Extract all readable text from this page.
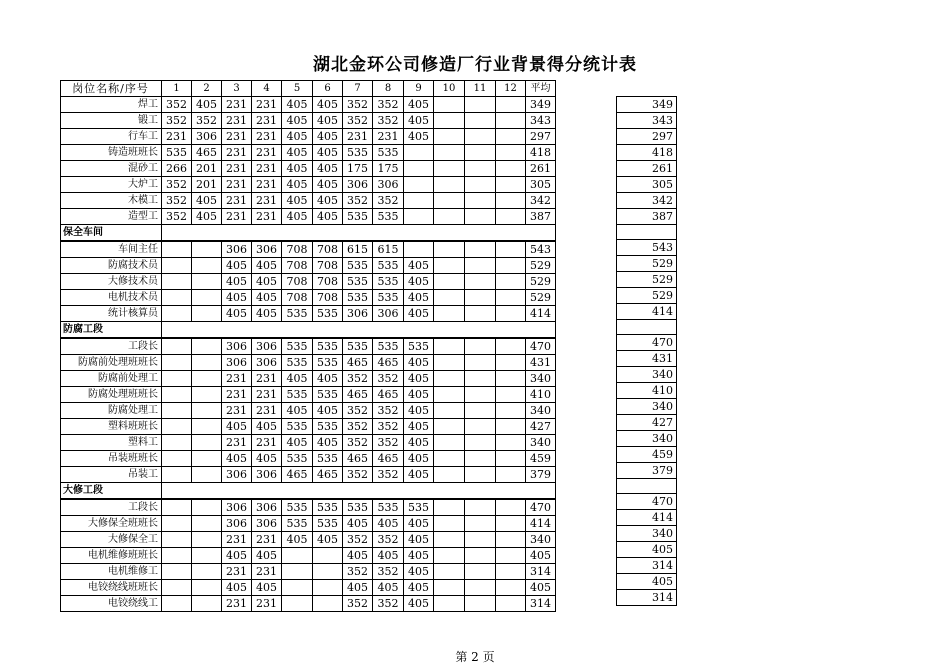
湖北金环公司修造厂行业背景得分统计表
岗位名称/序号	1	2	3	4	5	6	7	8	9	10	11	12	平均
焊工	352	405	231	231	405	405	352	352	405				349
锻工	352	352	231	231	405	405	352	352	405				343
行车工	231	306	231	231	405	405	231	231	405				297
铸造班班长	535	465	231	231	405	405	535	535					418
混砂工	266	201	231	231	405	405	175	175					261
大炉工	352	201	231	231	405	405	306	306					305
木模工	352	405	231	231	405	405	352	352					342
造型工	352	405	231	231	405	405	535	535					387
保全车间													
车间主任			306	306	708	708	615	615					543
防腐技术员			405	405	708	708	535	535	405				529
大修技术员			405	405	708	708	535	535	405				529
电机技术员			405	405	708	708	535	535	405				529
统计核算员			405	405	535	535	306	306	405				414
防腐工段													
工段长			306	306	535	535	535	535	535				470
防腐前处理班班长			306	306	535	535	465	465	405				431
防腐前处理工			231	231	405	405	352	352	405				340
防腐处理班班长			231	231	535	535	465	465	405				410
防腐处理工			231	231	405	405	352	352	405				340
塑料班班长			405	405	535	535	352	352	405				427
塑料工			231	231	405	405	352	352	405				340
吊装班班长			405	405	535	535	465	465	405				459
吊装工			306	306	465	465	352	352	405				379
大修工段													
工段长			306	306	535	535	535	535	535				470
大修保全班班长			306	306	535	535	405	405	405				414
大修保全工			231	231	405	405	352	352	405				340
电机维修班班长			405	405			405	405	405				405
电机维修工			231	231			352	352	405				314
电铰绕线班班长			405	405			405	405	405				405
电铰绕线工			231	231			352	352	405				314
349
343
297
418
261
305
342
387

543
529
529
529
414

470
431
340
410
340
427
340
459
379

470
414
340
405
314
405
314
第 2 页
